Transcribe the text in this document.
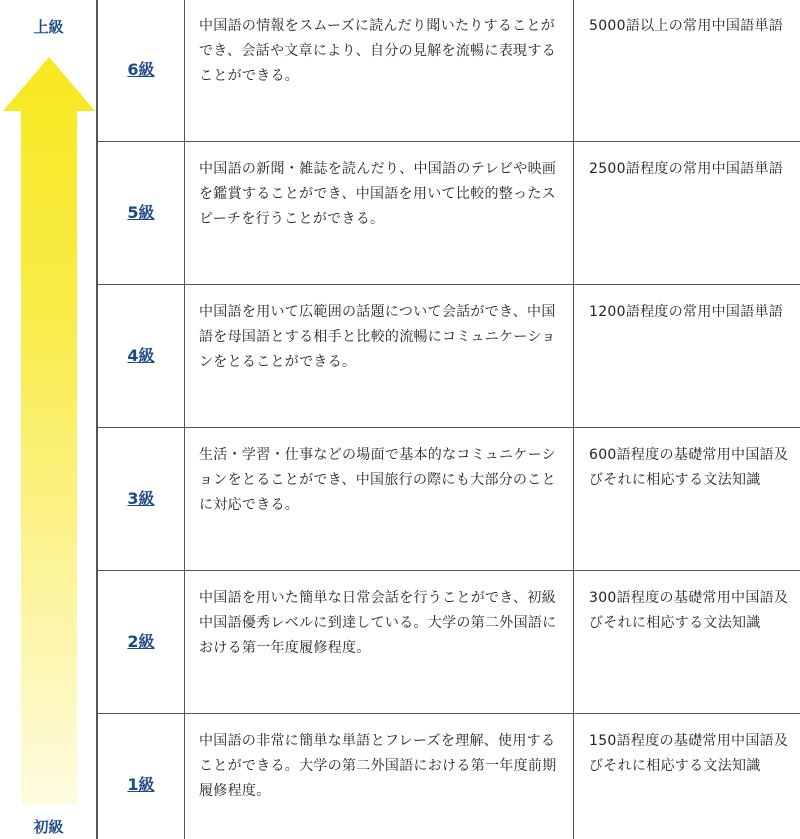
上級
初級
6級	中国語の情報をスムーズに読んだり聞いたりすることができ、会話や文章により、自分の見解を流暢に表現することができる。	5000語以上の常用中国語単語
5級	中国語の新聞・雑誌を読んだり、中国語のテレビや映画を鑑賞することができ、中国語を用いて比較的整ったスピーチを行うことができる。	2500語程度の常用中国語単語
4級	中国語を用いて広範囲の話題について会話ができ、中国語を母国語とする相手と比較的流暢にコミュニケーションをとることができる。	1200語程度の常用中国語単語
3級	生活・学習・仕事などの場面で基本的なコミュニケーションをとることができ、中国旅行の際にも大部分のことに対応できる。	600語程度の基礎常用中国語及びそれに相応する文法知識
2級	中国語を用いた簡単な日常会話を行うことができ、初級中国語優秀レベルに到達している。大学の第二外国語における第一年度履修程度。	300語程度の基礎常用中国語及びそれに相応する文法知識
1級	中国語の非常に簡単な単語とフレーズを理解、使用することができる。大学の第二外国語における第一年度前期履修程度。	150語程度の基礎常用中国語及びそれに相応する文法知識
